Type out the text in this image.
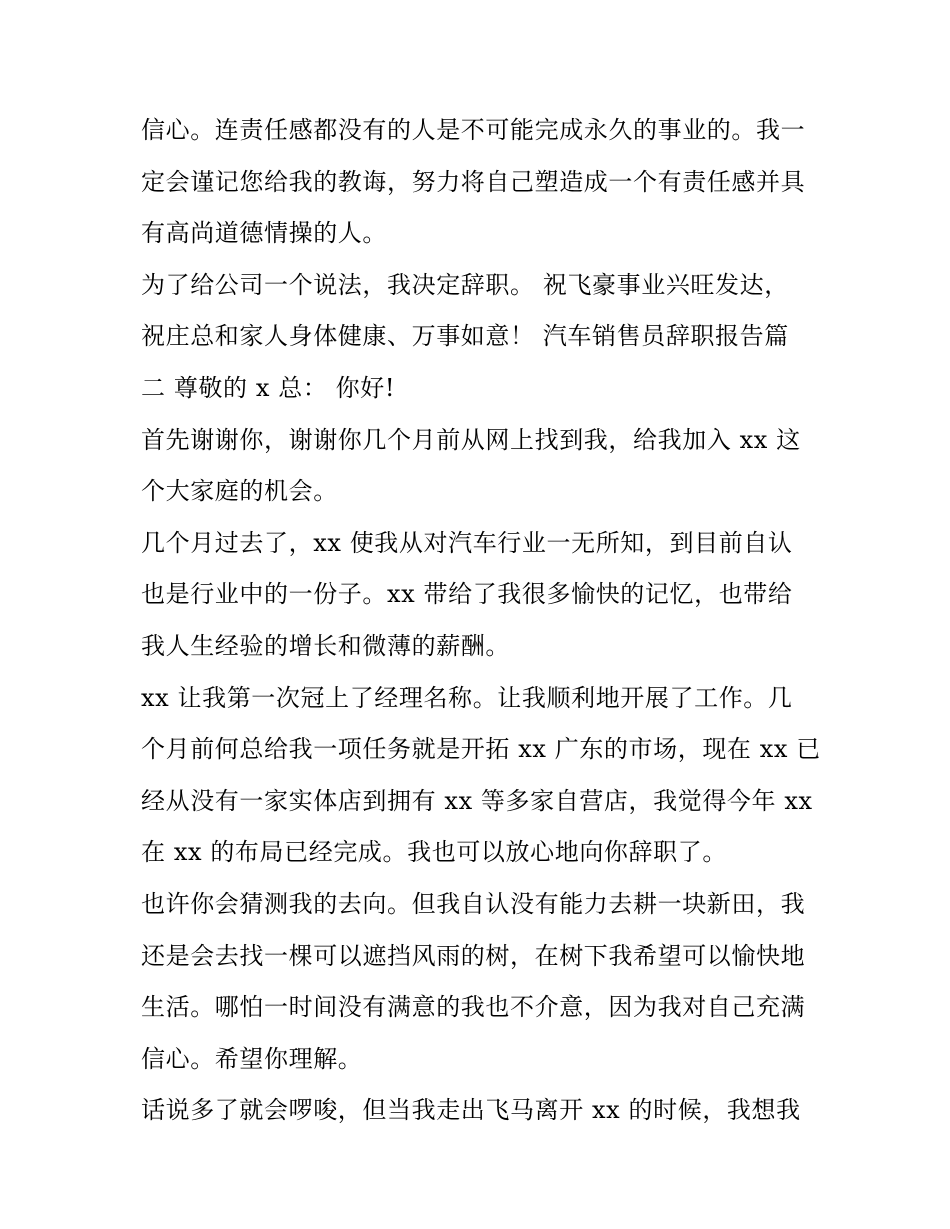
信心。连责任感都没有的人是不可能完成永久的事业的。我一
定会谨记您给我的教诲，努力将自己塑造成一个有责任感并具
有高尚道德情操的人。
为了给公司一个说法，我决定辞职。 祝飞豪事业兴旺发达，
祝庄总和家人身体健康、万事如意！ 汽车销售员辞职报告篇
二 尊敬的 x 总： 你好!
首先谢谢你，谢谢你几个月前从网上找到我，给我加入 xx 这
个大家庭的机会。
几个月过去了，xx 使我从对汽车行业一无所知，到目前自认
也是行业中的一份子。xx 带给了我很多愉快的记忆，也带给
我人生经验的增长和微薄的薪酬。
xx 让我第一次冠上了经理名称。让我顺利地开展了工作。几
个月前何总给我一项任务就是开拓 xx 广东的市场，现在 xx 已
经从没有一家实体店到拥有 xx 等多家自营店，我觉得今年 xx
在 xx 的布局已经完成。我也可以放心地向你辞职了。
也许你会猜测我的去向。但我自认没有能力去耕一块新田，我
还是会去找一棵可以遮挡风雨的树，在树下我希望可以愉快地
生活。哪怕一时间没有满意的我也不介意，因为我对自己充满
信心。希望你理解。
话说多了就会啰唆，但当我走出飞马离开 xx 的时候，我想我
